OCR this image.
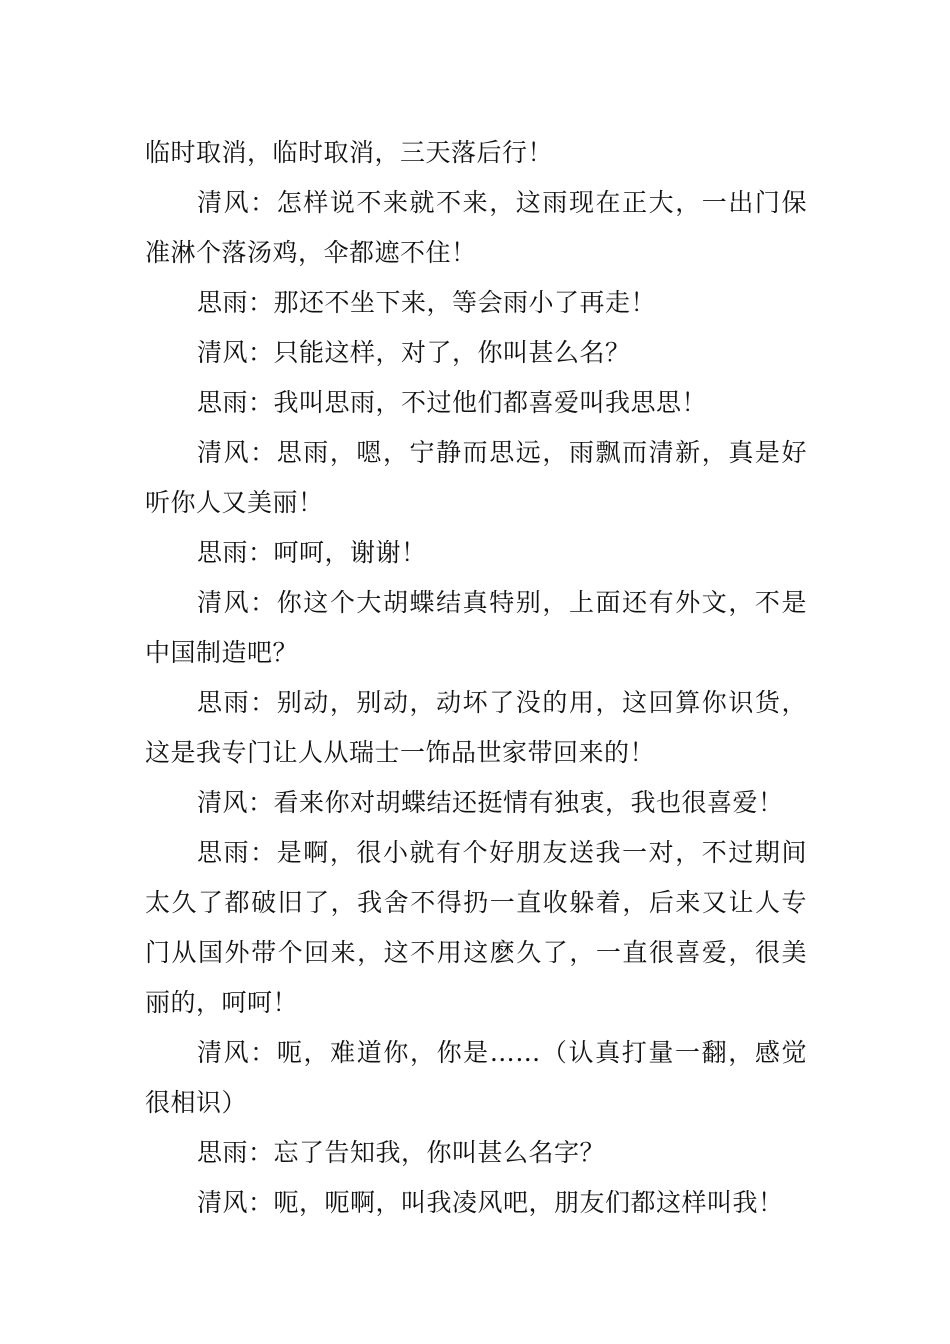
临时取消，临时取消，三天落后行！

清风：怎样说不来就不来，这雨现在正大，一出门保准淋个落汤鸡，伞都遮不住！

思雨：那还不坐下来，等会雨小了再走！

清风：只能这样，对了，你叫甚么名？

思雨：我叫思雨，不过他们都喜爱叫我思思！

清风：思雨，嗯，宁静而思远，雨飘而清新，真是好听你人又美丽！

思雨：呵呵，谢谢！

清风：你这个大胡蝶结真特别，上面还有外文，不是中国制造吧？

思雨：别动，别动，动坏了没的用，这回算你识货，这是我专门让人从瑞士一饰品世家带回来的！

清风：看来你对胡蝶结还挺情有独衷，我也很喜爱！

思雨：是啊，很小就有个好朋友送我一对，不过期间太久了都破旧了，我舍不得扔一直收躲着，后来又让人专门从国外带个回来，这不用这麽久了，一直很喜爱，很美丽的，呵呵！

清风：呃，难道你，你是……（认真打量一翻，感觉很相识）

思雨：忘了告知我，你叫甚么名字？

清风：呃，呃啊，叫我凌风吧，朋友们都这样叫我！
